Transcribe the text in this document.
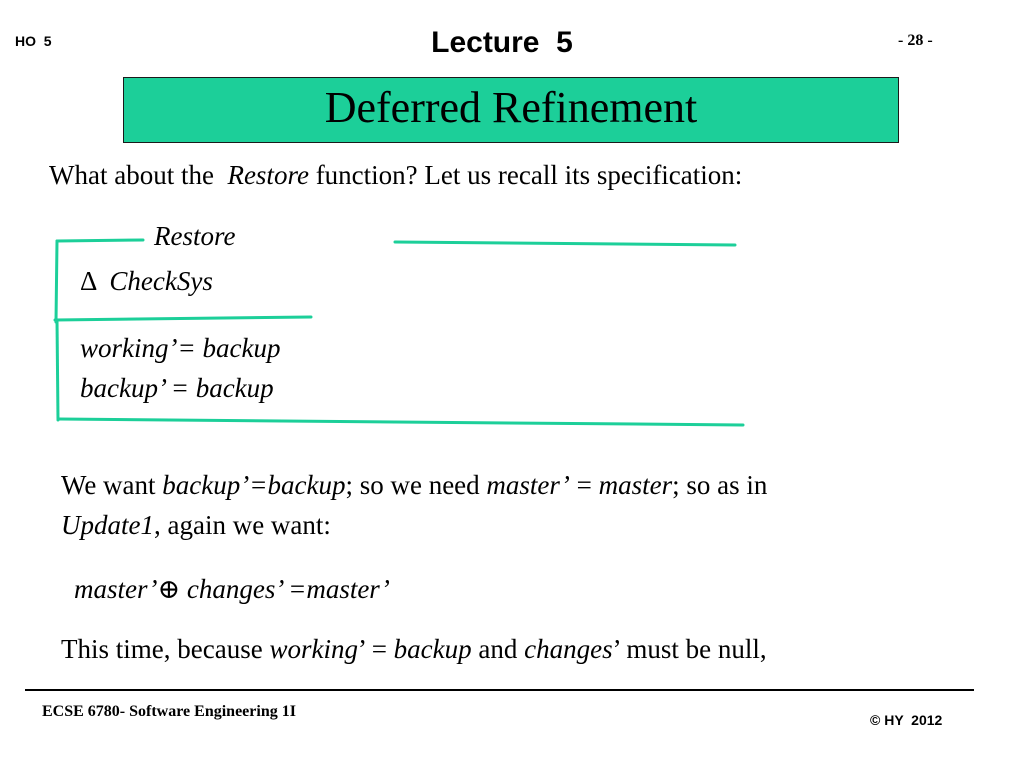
HO  5	Lecture  5	- 28 -
Deferred Refinement
What about the  Restore function? Let us recall its specification:
Restore
Δ CheckSys
working’= backup
backup’ = backup
We want backup’=backup; so we need master’ = master; so as in
Update1, again we want:
master’⊕ changes’ =master’
This time, because working’ = backup and changes’ must be null,
ECSE 6780- Software Engineering 1I	© HY  2012
